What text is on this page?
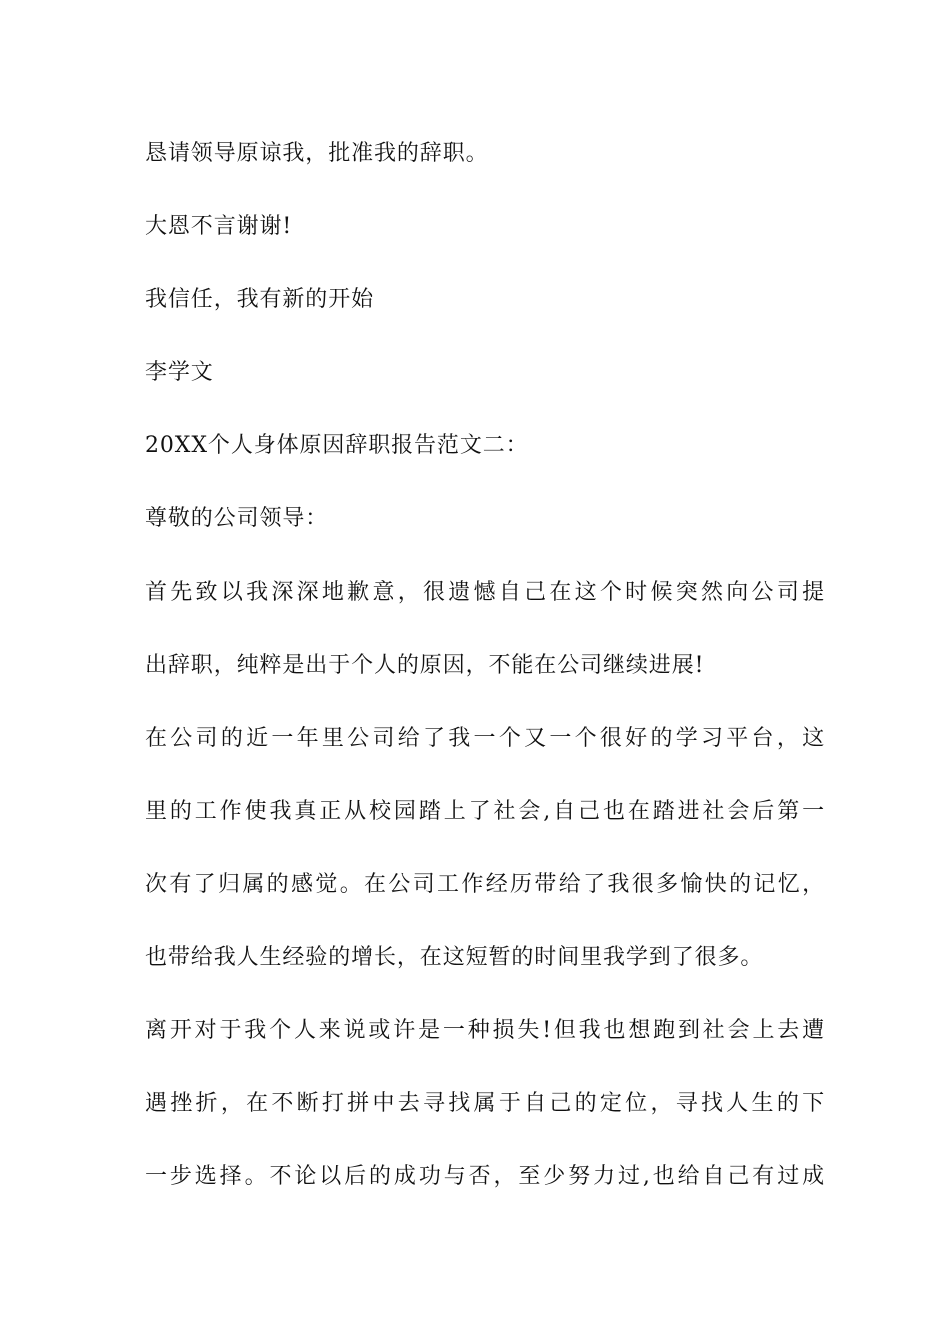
恳请领导原谅我，批准我的辞职。
大恩不言谢谢!
我信任，我有新的开始
李学文
20XX个人身体原因辞职报告范文二：
尊敬的公司领导：
首先致以我深深地歉意，很遗憾自己在这个时候突然向公司提
出辞职，纯粹是出于个人的原因，不能在公司继续进展!
在公司的近一年里公司给了我一个又一个很好的学习平台，这
里的工作使我真正从校园踏上了社会,自己也在踏进社会后第一
次有了归属的感觉。在公司工作经历带给了我很多愉快的记忆，
也带给我人生经验的增长，在这短暂的时间里我学到了很多。
离开对于我个人来说或许是一种损失!但我也想跑到社会上去遭
遇挫折，在不断打拼中去寻找属于自己的定位，寻找人生的下
一步选择。不论以后的成功与否，至少努力过,也给自己有过成
